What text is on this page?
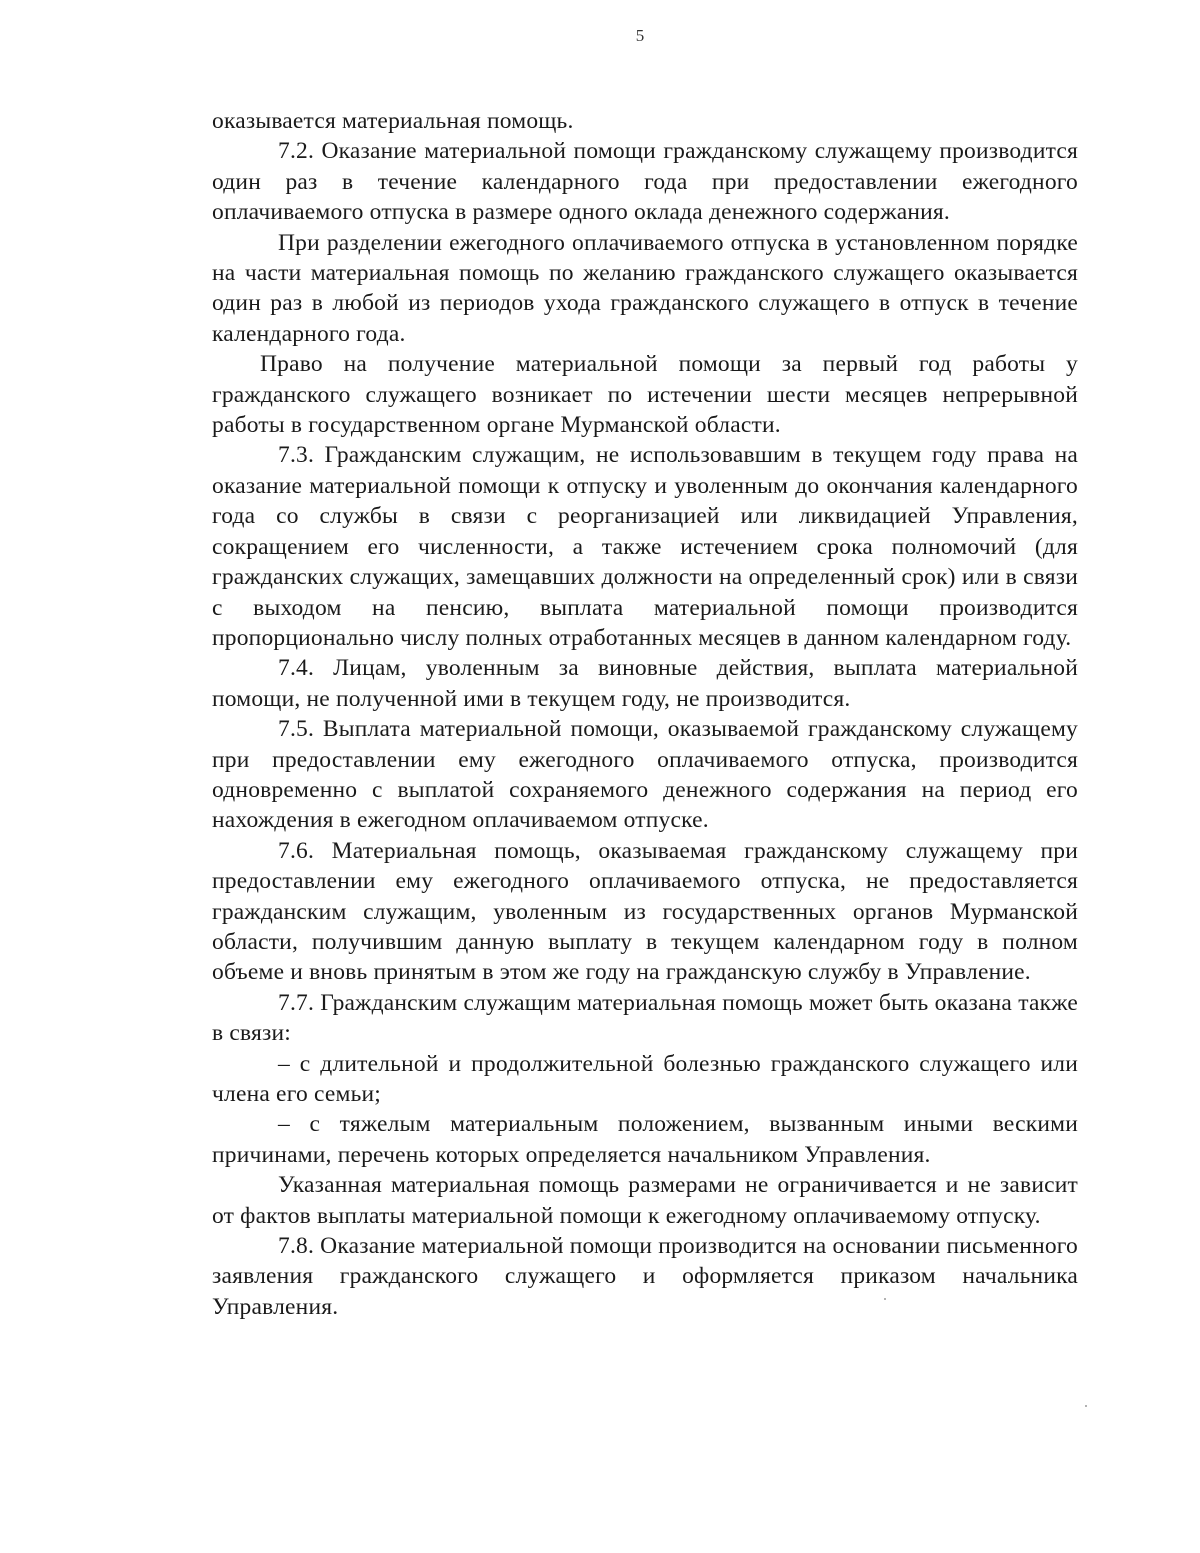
5

оказывается материальная помощь.

7.2. Оказание материальной помощи гражданскому служащему производится один раз в течение календарного года при предоставлении ежегодного оплачиваемого отпуска в размере одного оклада денежного содержания.

При разделении ежегодного оплачиваемого отпуска в установленном порядке на части материальная помощь по желанию гражданского служащего оказывается один раз в любой из периодов ухода гражданского служащего в отпуск в течение календарного года.

Право на получение материальной помощи за первый год работы у гражданского служащего возникает по истечении шести месяцев непрерывной работы в государственном органе Мурманской области.

7.3. Гражданским служащим, не использовавшим в текущем году права на оказание материальной помощи к отпуску и уволенным до окончания календарного года со службы в связи с реорганизацией или ликвидацией Управления, сокращением его численности, а также истечением срока полномочий (для гражданских служащих, замещавших должности на определенный срок) или в связи с выходом на пенсию, выплата материальной помощи производится пропорционально числу полных отработанных месяцев в данном календарном году.

7.4. Лицам, уволенным за виновные действия, выплата материальной помощи, не полученной ими в текущем году, не производится.

7.5. Выплата материальной помощи, оказываемой гражданскому служащему при предоставлении ему ежегодного оплачиваемого отпуска, производится одновременно с выплатой сохраняемого денежного содержания на период его нахождения в ежегодном оплачиваемом отпуске.

7.6. Материальная помощь, оказываемая гражданскому служащему при предоставлении ему ежегодного оплачиваемого отпуска, не предоставляется гражданским служащим, уволенным из государственных органов Мурманской области, получившим данную выплату в текущем календарном году в полном объеме и вновь принятым в этом же году на гражданскую службу в Управление.

7.7. Гражданским служащим материальная помощь может быть оказана также в связи:

– с длительной и продолжительной болезнью гражданского служащего или члена его семьи;

– с тяжелым материальным положением, вызванным иными вескими причинами, перечень которых определяется начальником Управления.

Указанная материальная помощь размерами не ограничивается и не зависит от фактов выплаты материальной помощи к ежегодному оплачиваемому отпуску.

7.8. Оказание материальной помощи производится на основании письменного заявления гражданского служащего и оформляется приказом начальника Управления.
